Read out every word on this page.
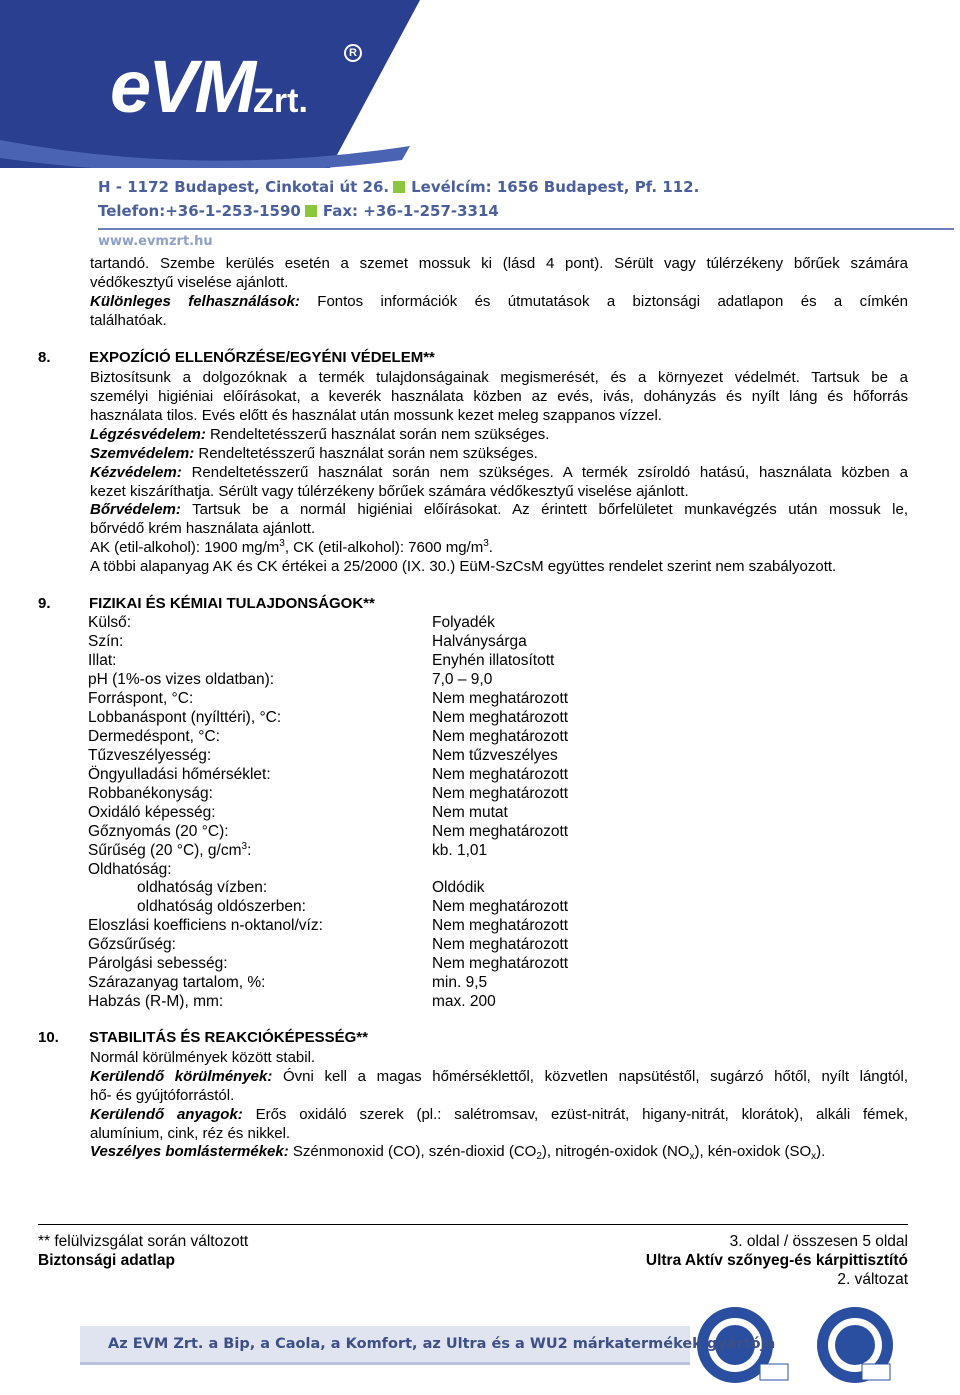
eVMZrt.
R
H - 1172 Budapest, Cinkotai út 26. Levélcím: 1656 Budapest, Pf. 112.
Telefon:+36-1-253-1590 Fax: +36-1-257-3314
www.evmzrt.hu
tartandó. Szembe kerülés esetén a szemet mossuk ki (lásd 4 pont). Sérült vagy túlérzékeny bőrűek számára
védőkesztyű viselése ajánlott.
Különleges felhasználások: Fontos információk és útmutatások a biztonsági adatlapon és a címkén
találhatóak.
8.	EXPOZÍCIÓ ELLENŐRZÉSE/EGYÉNI VÉDELEM**
Biztosítsunk a dolgozóknak a termék tulajdonságainak megismerését, és a környezet védelmét. Tartsuk be a
személyi higiéniai előírásokat, a keverék használata közben az evés, ivás, dohányzás és nyílt láng és hőforrás
használata tilos. Evés előtt és használat után mossunk kezet meleg szappanos vízzel.
Légzésvédelem: Rendeltetésszerű használat során nem szükséges.
Szemvédelem: Rendeltetésszerű használat során nem szükséges.
Kézvédelem: Rendeltetésszerű használat során nem szükséges. A termék zsíroldó hatású, használata közben a
kezet kiszáríthatja. Sérült vagy túlérzékeny bőrűek számára védőkesztyű viselése ajánlott.
Bőrvédelem: Tartsuk be a normál higiéniai előírásokat. Az érintett bőrfelületet munkavégzés után mossuk le,
bőrvédő krém használata ajánlott.
AK (etil-alkohol): 1900 $mg/m^3$, CK (etil-alkohol): 7600 $mg/m^3$.
A többi alapanyag AK és CK értékei a 25/2000 (IX. 30.) EüM-SzCsM együttes rendelet szerint nem szabályozott.
9.	FIZIKAI ÉS KÉMIAI TULAJDONSÁGOK**
Külső:	Folyadék
Szín:	Halványsárga
Illat:	Enyhén illatosított
pH (1%-os vizes oldatban):	7,0 – 9,0
Forráspont, °C:	Nem meghatározott
Lobbanáspont (nyílttéri), °C:	Nem meghatározott
Dermedéspont, °C:	Nem meghatározott
Tűzveszélyesség:	Nem tűzveszélyes
Öngyulladási hőmérséklet:	Nem meghatározott
Robbanékonyság:	Nem meghatározott
Oxidáló képesség:	Nem mutat
Gőznyomás (20 °C):	Nem meghatározott
Sűrűség (20 °C), $g/cm^3$:	kb. 1,01
Oldhatóság:
oldhatóság vízben:	Oldódik
oldhatóság oldószerben:	Nem meghatározott
Eloszlási koefficiens n-oktanol/víz:	Nem meghatározott
Gőzsűrűség:	Nem meghatározott
Párolgási sebesség:	Nem meghatározott
Szárazanyag tartalom, %:	min. 9,5
Habzás (R-M), mm:	max. 200
10. STABILITÁS ÉS REAKCIÓKÉPESSÉG**
Normál körülmények között stabil.
Kerülendő körülmények: Óvni kell a magas hőmérséklettől, közvetlen napsütéstől, sugárzó hőtől, nyílt lángtól,
hő- és gyújtóforrástól.
Kerülendő anyagok: Erős oxidáló szerek (pl.: salétromsav, ezüst-nitrát, higany-nitrát, klorátok), alkáli fémek,
alumínium, cink, réz és nikkel.
Veszélyes bomlástermékek: Szénmonoxid (CO), szén-dioxid $(CO_2)$, nitrogén-oxidok $(NO_x)$, kén-oxidok $(SO_x)$.
** felülvizsgálat során változott
Biztonsági adatlap
3. oldal / összesen 5 oldal
Ultra Aktív szőnyeg-és kárpittisztító
2. változat
Az EVM Zrt. a Bip, a Caola, a Komfort, az Ultra és a WU2 márkatermékek gyártója
